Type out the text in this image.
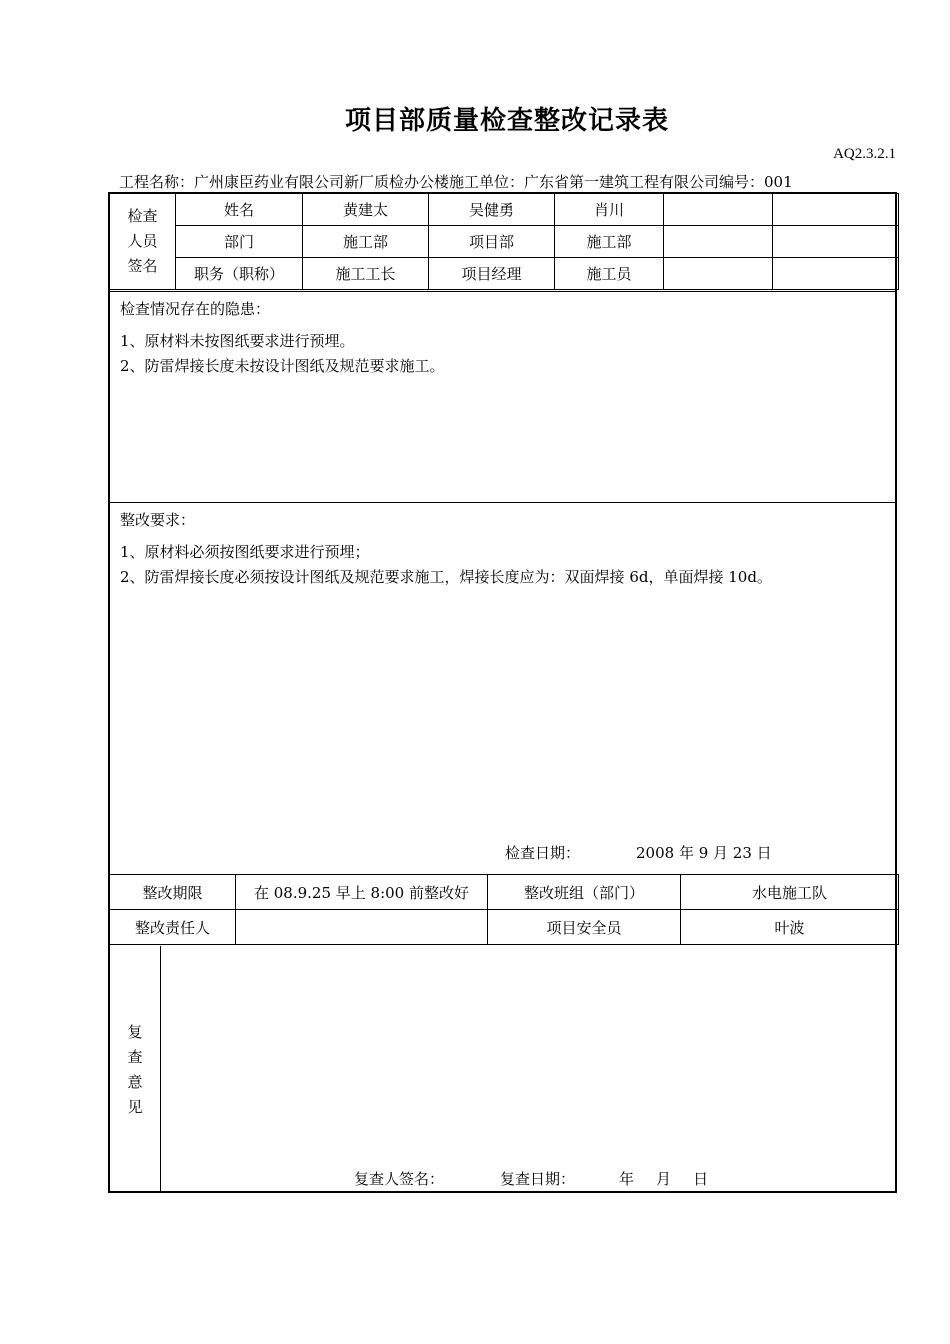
项目部质量检查整改记录表
AQ2.3.2.1
工程名称：广州康臣药业有限公司新厂质检办公楼施工单位：广东省第一建筑工程有限公司编号：001
检查
人员
签名	姓名	黄建太	吴健勇	肖川		
	部门	施工部	项目部	施工部		
	职务（职称）	施工工长	项目经理	施工员		
检查情况存在的隐患：
1、原材料未按图纸要求进行预埋。
2、防雷焊接长度未按设计图纸及规范要求施工。
整改要求：
1、原材料必须按图纸要求进行预埋；
2、防雷焊接长度必须按设计图纸及规范要求施工，焊接长度应为：双面焊接 6d，单面焊接 10d。
检查日期：	2008 年 9 月 23 日
整改期限	在 08.9.25 早上 8:00 前整改好	整改班组（部门）	水电施工队
整改责任人		项目安全员	叶波
复
查
意
见
复查人签名：	复查日期：	年 月 日
